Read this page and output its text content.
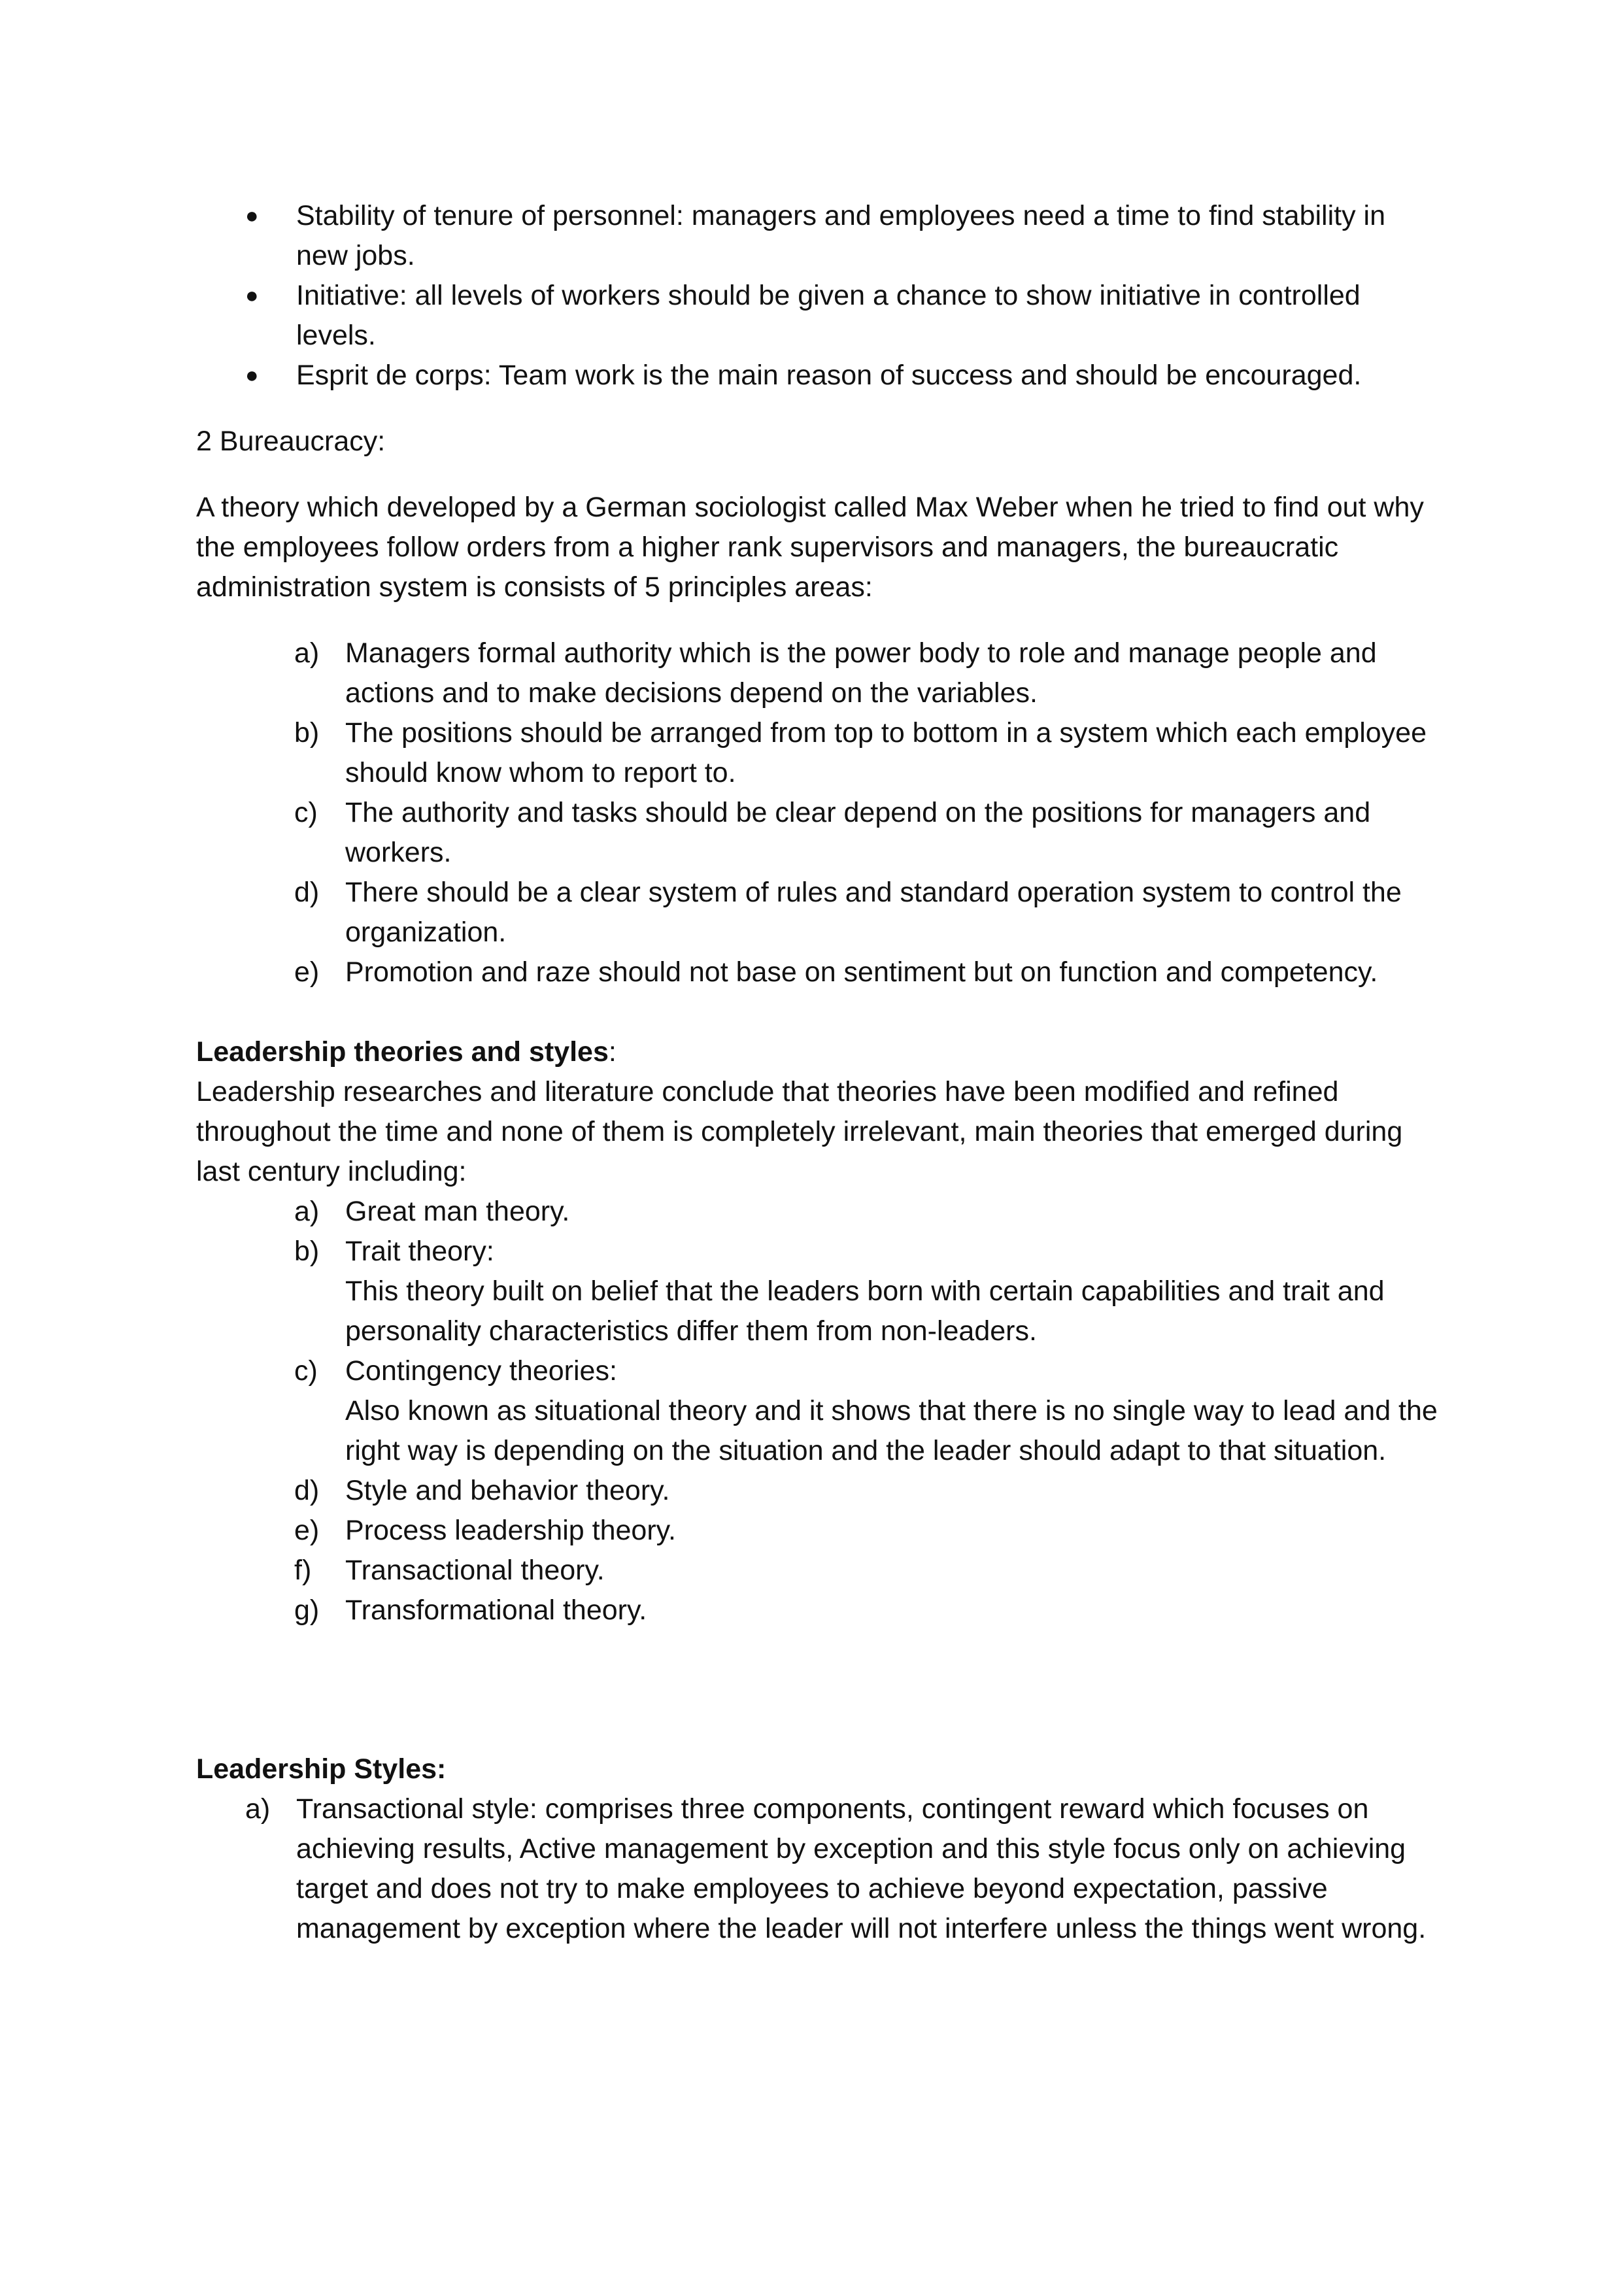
● Stability of tenure of personnel: managers and employees need a time to find stability in new jobs.
● Initiative: all levels of workers should be given a chance to show initiative in controlled levels.
● Esprit de corps: Team work is the main reason of success and should be encouraged.

2 Bureaucracy:

A theory which developed by a German sociologist called Max Weber when he tried to find out why the employees follow orders from a higher rank supervisors and managers, the bureaucratic administration system is consists of 5 principles areas:

a) Managers formal authority which is the power body to role and manage people and actions and to make decisions depend on the variables.
b) The positions should be arranged from top to bottom in a system which each employee should know whom to report to.
c) The authority and tasks should be clear depend on the positions for managers and workers.
d) There should be a clear system of rules and standard operation system to control the organization.
e) Promotion and raze should not base on sentiment but on function and competency.

Leadership theories and styles:

Leadership researches and literature conclude that theories have been modified and refined throughout the time and none of them is completely irrelevant, main theories that emerged during last century including:

a) Great man theory.
b) Trait theory:
This theory built on belief that the leaders born with certain capabilities and trait and personality characteristics differ them from non-leaders.
c) Contingency theories:
Also known as situational theory and it shows that there is no single way to lead and the right way is depending on the situation and the leader should adapt to that situation.
d) Style and behavior theory.
e) Process leadership theory.
f) Transactional theory.
g) Transformational theory.

Leadership Styles:

a) Transactional style: comprises three components, contingent reward which focuses on achieving results, Active management by exception and this style focus only on achieving target and does not try to make employees to achieve beyond expectation, passive management by exception where the leader will not interfere unless the things went wrong.
